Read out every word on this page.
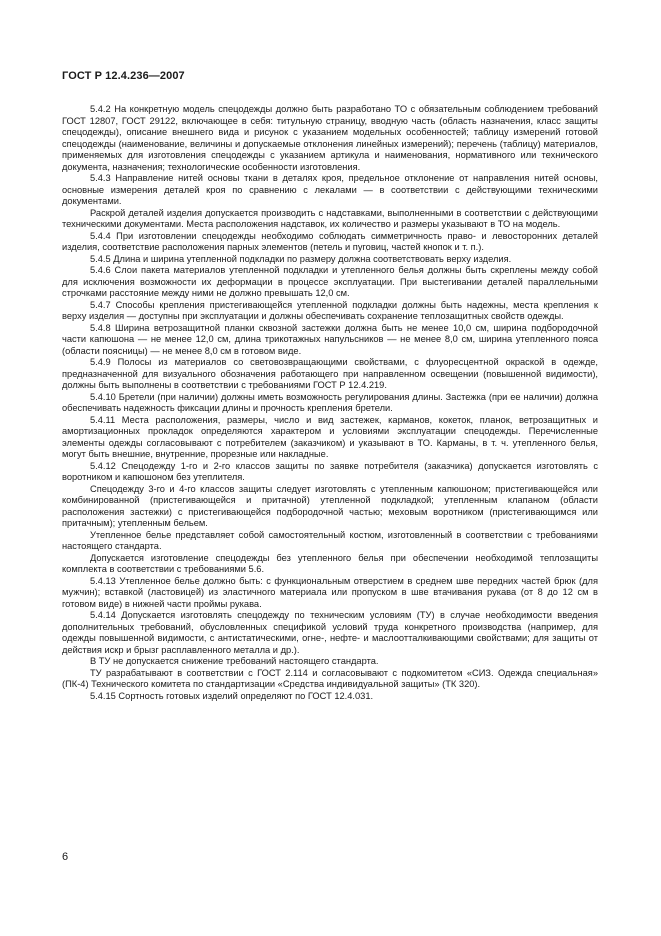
ГОСТ Р 12.4.236—2007

5.4.2 На конкретную модель спецодежды должно быть разработано ТО с обязательным соблюдением требований ГОСТ 12807, ГОСТ 29122, включающее в себя: титульную страницу, вводную часть (область назначения, класс защиты спецодежды), описание внешнего вида и рисунок с указанием модельных особенностей; таблицу измерений готовой спецодежды (наименование, величины и допускаемые отклонения линейных измерений); перечень (таблицу) материалов, применяемых для изготовления спецодежды с указанием артикула и наименования, нормативного или технического документа, назначения; технологические особенности изготовления.

5.4.3 Направление нитей основы ткани в деталях кроя, предельное отклонение от направления нитей основы, основные измерения деталей кроя по сравнению с лекалами — в соответствии с действующими техническими документами.

Раскрой деталей изделия допускается производить с надставками, выполненными в соответствии с действующими техническими документами. Места расположения надставок, их количество и размеры указывают в ТО на модель.

5.4.4 При изготовлении спецодежды необходимо соблюдать симметричность право- и левосторонних деталей изделия, соответствие расположения парных элементов (петель и пуговиц, частей кнопок и т. п.).

5.4.5 Длина и ширина утепленной подкладки по размеру должна соответствовать верху изделия.

5.4.6 Слои пакета материалов утепленной подкладки и утепленного белья должны быть скреплены между собой для исключения возможности их деформации в процессе эксплуатации. При выстегивании деталей параллельными строчками расстояние между ними не должно превышать 12,0 см.

5.4.7 Способы крепления пристегивающейся утепленной подкладки должны быть надежны, места крепления к верху изделия — доступны при эксплуатации и должны обеспечивать сохранение теплозащитных свойств одежды.

5.4.8 Ширина ветрозащитной планки сквозной застежки должна быть не менее 10,0 см, ширина подбородочной части капюшона — не менее 12,0 см, длина трикотажных напульсников — не менее 8,0 см, ширина утепленного пояса (области поясницы) — не менее 8,0 см в готовом виде.

5.4.9 Полосы из материалов со световозвращающими свойствами, с флуоресцентной окраской в одежде, предназначенной для визуального обозначения работающего при направленном освещении (повышенной видимости), должны быть выполнены в соответствии с требованиями ГОСТ Р 12.4.219.

5.4.10 Бретели (при наличии) должны иметь возможность регулирования длины. Застежка (при ее наличии) должна обеспечивать надежность фиксации длины и прочность крепления бретели.

5.4.11 Места расположения, размеры, число и вид застежек, карманов, кокеток, планок, ветрозащитных и амортизационных прокладок определяются характером и условиями эксплуатации спецодежды. Перечисленные элементы одежды согласовывают с потребителем (заказчиком) и указывают в ТО. Карманы, в т. ч. утепленного белья, могут быть внешние, внутренние, прорезные или накладные.

5.4.12 Спецодежду 1-го и 2-го классов защиты по заявке потребителя (заказчика) допускается изготовлять с воротником и капюшоном без утеплителя.

Спецодежду 3-го и 4-го классов защиты следует изготовлять с утепленным капюшоном; пристегивающейся или комбинированной (пристегивающейся и притачной) утепленной подкладкой; утепленным клапаном (области расположения застежки) с пристегивающейся подбородочной частью; меховым воротником (пристегивающимся или притачным); утепленным бельем.

Утепленное белье представляет собой самостоятельный костюм, изготовленный в соответствии с требованиями настоящего стандарта.

Допускается изготовление спецодежды без утепленного белья при обеспечении необходимой теплозащиты комплекта в соответствии с требованиями 5.6.

5.4.13 Утепленное белье должно быть: с функциональным отверстием в среднем шве передних частей брюк (для мужчин); вставкой (ластовицей) из эластичного материала или пропуском в шве втачивания рукава (от 8 до 12 см в готовом виде) в нижней части проймы рукава.

5.4.14 Допускается изготовлять спецодежду по техническим условиям (ТУ) в случае необходимости введения дополнительных требований, обусловленных спецификой условий труда конкретного производства (например, для одежды повышенной видимости, с антистатическими, огне-, нефте- и маслоотталкивающими свойствами; для защиты от действия искр и брызг расплавленного металла и др.).

В ТУ не допускается снижение требований настоящего стандарта.

ТУ разрабатывают в соответствии с ГОСТ 2.114 и согласовывают с подкомитетом «СИЗ. Одежда специальная» (ПК-4) Технического комитета по стандартизации «Средства индивидуальной защиты» (ТК 320).

5.4.15 Сортность готовых изделий определяют по ГОСТ 12.4.031.

6
